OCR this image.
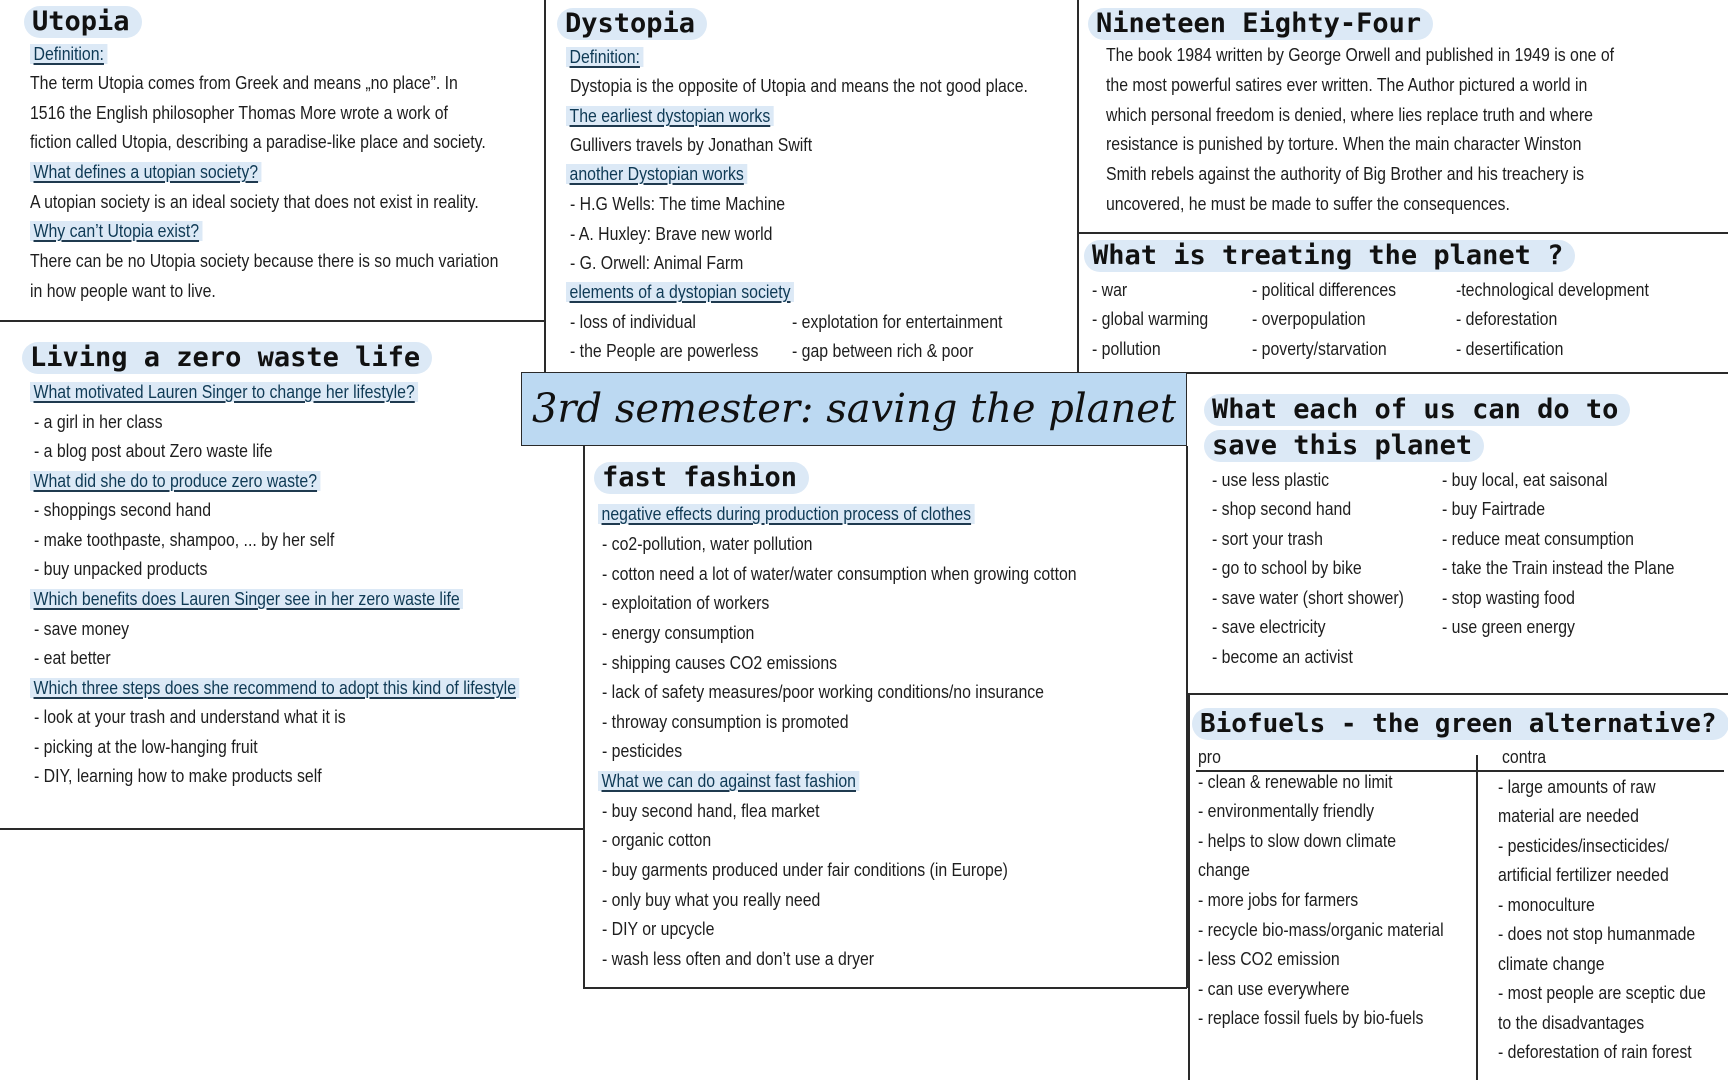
Utopia
Definition:
The term Utopia comes from Greek and means „no place”. In
1516 the English philosopher Thomas More wrote a work of
fiction called Utopia, describing a paradise-like place and society.
What defines a utopian society?
A utopian society is an ideal society that does not exist in reality.
Why can’t Utopia exist?
There can be no Utopia society because there is so much variation
in how people want to live.
Dystopia
Definition:
Dystopia is the opposite of Utopia and means the not good place.
The earliest dystopian works
Gullivers travels by Jonathan Swift
another Dystopian works
- H.G Wells: The time Machine
- A. Huxley: Brave new world
- G. Orwell: Animal Farm
elements of a dystopian society
- loss of individual
- the People are powerless
- explotation for entertainment
- gap between rich & poor
Nineteen Eighty-Four
The book 1984 written by George Orwell and published in 1949 is one of
the most powerful satires ever written. The Author pictured a world in
which personal freedom is denied, where lies replace truth and where
resistance is punished by torture. When the main character Winston
Smith rebels against the authority of Big Brother and his treachery is
uncovered, he must be made to suffer the consequences.
What is treating the planet ?
- war
- global warming
- pollution
- political differences
- overpopulation
- poverty/starvation
-technological development
- deforestation
- desertification
Living a zero waste life
What motivated Lauren Singer to change her lifestyle?
- a girl in her class
- a blog post about Zero waste life
What did she do to produce zero waste?
- shoppings second hand
- make toothpaste, shampoo, ... by her self
- buy unpacked products
Which benefits does Lauren Singer see in her zero waste life
- save money
- eat better
Which three steps does she recommend to adopt this kind of lifestyle
- look at your trash and understand what it is
- picking at the low-hanging fruit
- DIY, learning how to make products self
3rd semester: saving the planet
fast fashion
negative effects during production process of clothes
- co2-pollution, water pollution
- cotton need a lot of water/water consumption when growing cotton
- exploitation of workers
- energy consumption
- shipping causes CO2 emissions
- lack of safety measures/poor working conditions/no insurance
- throway consumption is promoted
- pesticides
What we can do against fast fashion
- buy second hand, flea market
- organic cotton
- buy garments produced under fair conditions (in Europe)
- only buy what you really need
- DIY or upcycle
- wash less often and don’t use a dryer
What each of us can do to
save this planet
- use less plastic
- shop second hand
- sort your trash
- go to school by bike
- save water (short shower)
- save electricity
- become an activist
- buy local, eat saisonal
- buy Fairtrade
- reduce meat consumption
- take the Train instead the Plane
- stop wasting food
- use green energy
Biofuels - the green alternative?
pro	contra
- clean & renewable no limit
- environmentally friendly
- helps to slow down climate
change
- more jobs for farmers
- recycle bio-mass/organic material
- less CO2 emission
- can use everywhere
- replace fossil fuels by bio-fuels
- large amounts of raw
material are needed
- pesticides/insecticides/
artificial fertilizer needed
- monoculture
- does not stop humanmade
climate change
- most people are sceptic due
to the disadvantages
- deforestation of rain forest
